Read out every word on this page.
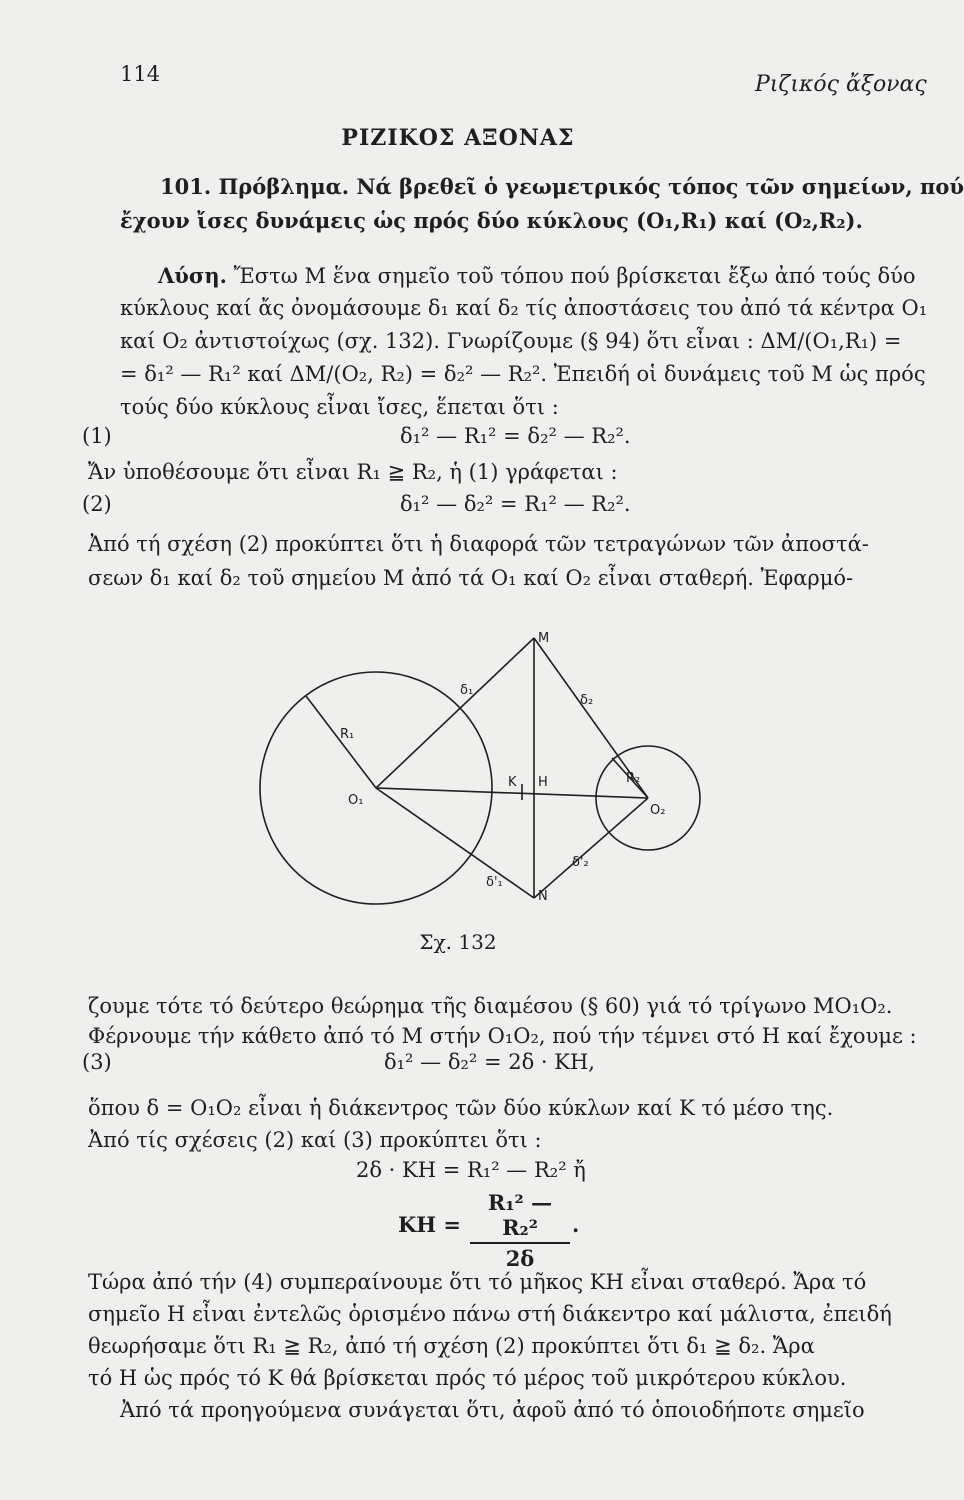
114	Ριζικός ἄξονας
ΡΙΖΙΚΟΣ ΑΞΟΝΑΣ
101. Πρόβλημα. Νά βρεθεῖ ὁ γεωμετρικός τόπος τῶν σημείων, πού
ἔχουν ἴσες δυνάμεις ὡς πρός δύο κύκλους (O₁,R₁) καί (O₂,R₂).
Λύση. Ἔστω M ἕνα σημεῖο τοῦ τόπου πού βρίσκεται ἔξω ἀπό τούς δύο
κύκλους καί ἄς ὀνομάσουμε δ₁ καί δ₂ τίς ἀποστάσεις του ἀπό τά κέντρα O₁
καί O₂ ἀντιστοίχως (σχ. 132). Γνωρίζουμε (§ 94) ὅτι εἶναι : ΔM/(O₁,R₁) =
= δ₁² — R₁² καί ΔM/(O₂, R₂) = δ₂² — R₂². Ἐπειδή οἱ δυνάμεις τοῦ M ὡς πρός
τούς δύο κύκλους εἶναι ἴσες, ἕπεται ὅτι :
(1)	δ₁² — R₁² = δ₂² — R₂².
Ἄν ὑποθέσουμε ὅτι εἶναι R₁ ≧ R₂, ἡ (1) γράφεται :
(2)	δ₁² — δ₂² = R₁² — R₂².
Ἀπό τή σχέση (2) προκύπτει ὅτι ἡ διαφορά τῶν τετραγώνων τῶν ἀποστά-
σεων δ₁ καί δ₂ τοῦ σημείου M ἀπό τά O₁ καί O₂ εἶναι σταθερή. Ἐφαρμό-
M
N
O₁
O₂
K H
R₁
R₂
δ₁
δ₂
δ'₁
δ'₂
Σχ. 132
ζουμε τότε τό δεύτερο θεώρημα τῆς διαμέσου (§ 60) γιά τό τρίγωνο MO₁O₂.
Φέρνουμε τήν κάθετο ἀπό τό M στήν O₁O₂, πού τήν τέμνει στό H καί ἔχουμε :
(3)	δ₁² — δ₂² = 2δ · KH,
ὅπου δ = O₁O₂ εἶναι ἡ διάκεντρος τῶν δύο κύκλων καί K τό μέσο της.
Ἀπό τίς σχέσεις (2) καί (3) προκύπτει ὅτι :
2δ · KH = R₁² — R₂² ἤ
KH =
R₁² — R₂²
2δ
.
Τώρα ἀπό τήν (4) συμπεραίνουμε ὅτι τό μῆκος KH εἶναι σταθερό. Ἄρα τό
σημεῖο H εἶναι ἐντελῶς ὁρισμένο πάνω στή διάκεντρο καί μάλιστα, ἐπειδή
θεωρήσαμε ὅτι R₁ ≧ R₂, ἀπό τή σχέση (2) προκύπτει ὅτι δ₁ ≧ δ₂. Ἄρα
τό H ὡς πρός τό K θά βρίσκεται πρός τό μέρος τοῦ μικρότερου κύκλου.
Ἀπό τά προηγούμενα συνάγεται ὅτι, ἀφοῦ ἀπό τό ὁποιοδήποτε σημεῖο
